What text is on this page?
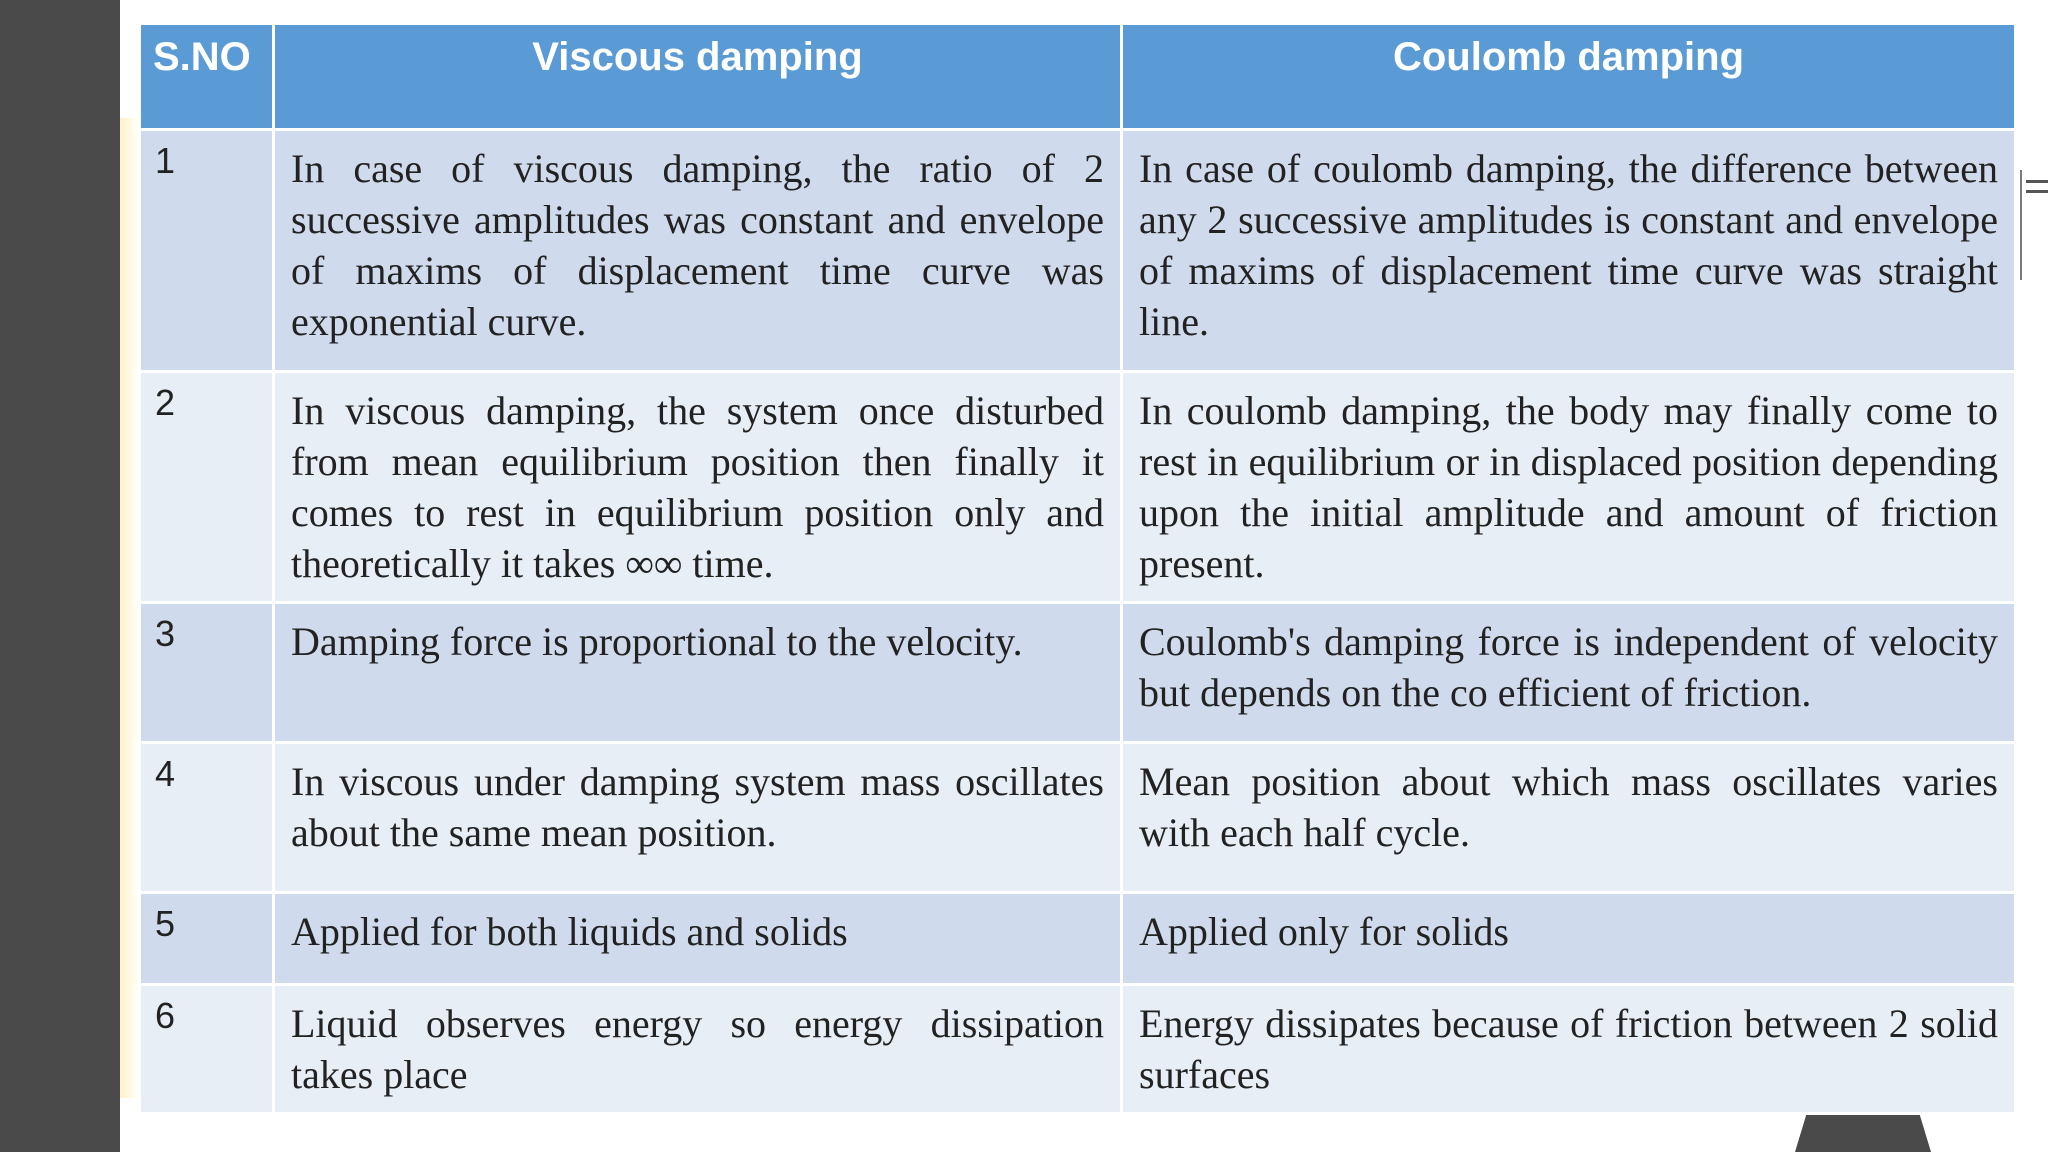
S.NO	Viscous damping	Coulomb damping
1	In case of viscous damping, the ratio of 2 successive amplitudes was constant and envelope of maxims of displacement time curve was exponential curve.	In case of coulomb damping, the difference between any 2 successive amplitudes is constant and envelope of maxims of displacement time curve was straight line.
2	In viscous damping, the system once disturbed from mean equilibrium position then finally it comes to rest in equilibrium position only and theoretically it takes ∞∞ time.	In coulomb damping, the body may finally come to rest in equilibrium or in displaced position depending upon the initial amplitude and amount of friction present.
3	Damping force is proportional to the velocity.	Coulomb's damping force is independent of velocity but depends on the co efficient of friction.
4	In viscous under damping system mass oscillates about the same mean position.	Mean position about which mass oscillates varies with each half cycle.
5	Applied for both liquids and solids	Applied only for solids
6	Liquid observes energy so energy dissipation takes place	Energy dissipates because of friction between 2 solid surfaces
